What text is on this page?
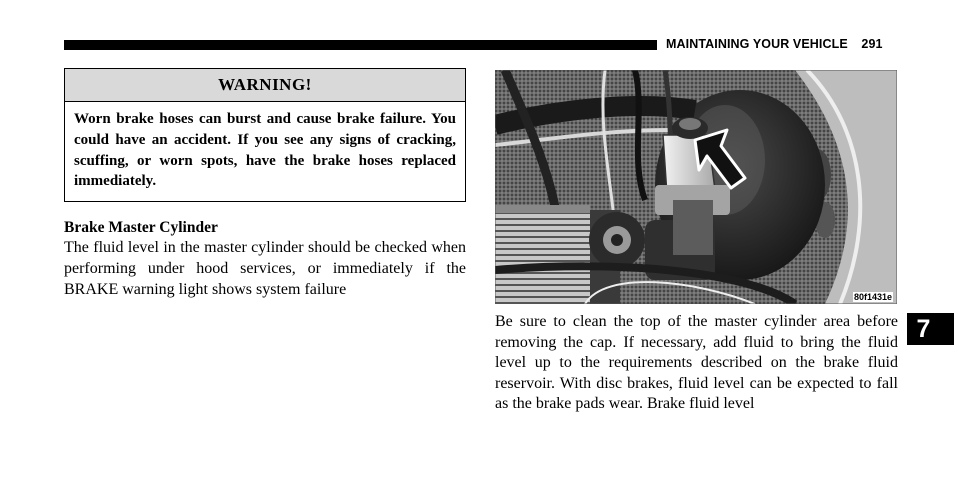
MAINTAINING YOUR VEHICLE 291
WARNING!
Worn brake hoses can burst and cause brake failure. You could have an accident. If you see any signs of cracking, scuffing, or worn spots, have the brake hoses replaced immediately.
Brake Master Cylinder
The fluid level in the master cylinder should be checked when performing under hood services, or immediately if the BRAKE warning light shows system failure	80f1431e
Be sure to clean the top of the master cylinder area before removing the cap. If necessary, add fluid to bring the fluid level up to the requirements described on the brake fluid reservoir. With disc brakes, fluid level can be expected to fall as the brake pads wear. Brake fluid level
7
